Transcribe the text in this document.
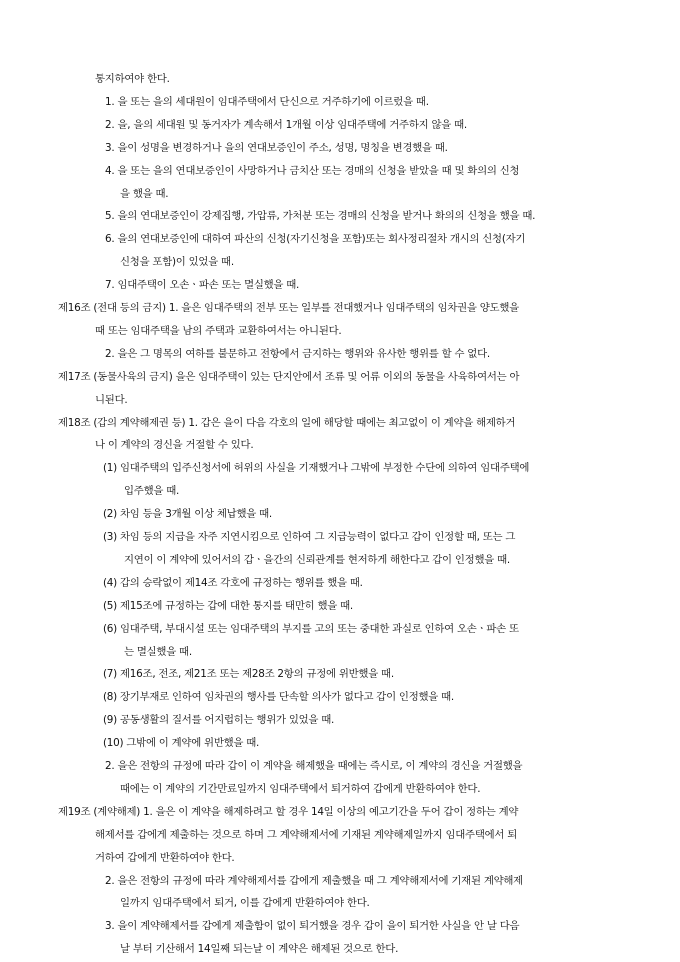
통지하여야 한다.
1. 을 또는 을의 세대원이 임대주택에서 단신으로 거주하기에 이르렀을 때.
2. 을, 을의 세대원 및 동거자가 계속해서 1개월 이상 임대주택에 거주하지 않을 때.
3. 을이 성명을 변경하거나 을의 연대보증인이 주소, 성명, 명칭을 변경했을 때.
4. 을 또는 을의 연대보증인이 사망하거나 금치산 또는 경매의 신청을 받았을 때 및 화의의 신청
을 했을 때.
5. 을의 연대보증인이 강제집행, 가압류, 가처분 또는 경매의 신청을 받거나 화의의 신청을 했을 때.
6. 을의 연대보증인에 대하여 파산의 신청(자기신청을 포함)또는 회사정리절차 개시의 신청(자기
신청을 포함)이 있었을 때.
7. 임대주택이 오손ㆍ파손 또는 멸실했을 때.
제16조 (전대 등의 금지) 1. 을은 임대주택의 전부 또는 일부를 전대했거나 임대주택의 임차권을 양도했을
때 또는 임대주택을 남의 주택과 교환하여서는 아니된다.
2. 을은 그 명목의 여하를 불문하고 전항에서 금지하는 행위와 유사한 행위를 할 수 없다.
제17조 (동물사육의 금지) 을은 임대주택이 있는 단지안에서 조류 및 어류 이외의 동물을 사육하여서는 아
니된다.
제18조 (갑의 계약해제권 등) 1. 갑은 을이 다음 각호의 일에 해당할 때에는 최고없이 이 계약을 해제하거
나 이 계약의 경신을 거절할 수 있다.
(1) 임대주택의 입주신청서에 허위의 사실을 기재했거나 그밖에 부정한 수단에 의하여 임대주택에
입주했을 때.
(2) 차임 등을 3개월 이상 체납했을 때.
(3) 차임 등의 지급을 자주 지연시킴으로 인하여 그 지급능력이 없다고 갑이 인정할 때, 또는 그
지연이 이 계약에 있어서의 갑ㆍ을간의 신뢰관계를 현저하게 해한다고 갑이 인정했을 때.
(4) 갑의 승락없이 제14조 각호에 규정하는 행위를 했을 때.
(5) 제15조에 규정하는 갑에 대한 통지를 태만히 했을 때.
(6) 임대주택, 부대시설 또는 임대주택의 부지를 고의 또는 중대한 과실로 인하여 오손ㆍ파손 또
는 멸실했을 때.
(7) 제16조, 전조, 제21조 또는 제28조 2항의 규정에 위반했을 때.
(8) 장기부재로 인하여 임차권의 행사를 단속할 의사가 없다고 갑이 인정했을 때.
(9) 공동생활의 질서를 어지럽히는 행위가 있었을 때.
(10) 그밖에 이 계약에 위반했을 때.
2. 을은 전항의 규정에 따라 갑이 이 계약을 해제했을 때에는 즉시로, 이 계약의 경신을 거절했을
때에는 이 계약의 기간만료일까지 임대주택에서 퇴거하여 갑에게 반환하여야 한다.
제19조 (계약해제) 1. 을은 이 계약을 해제하려고 할 경우 14일 이상의 예고기간을 두어 갑이 정하는 계약
해제서를 갑에게 제출하는 것으로 하며 그 계약해제서에 기재된 계약해제일까지 임대주택에서 퇴
거하여 갑에게 반환하여야 한다.
2. 을은 전항의 규정에 따라 계약해제서를 갑에게 제출했을 때 그 계약해제서에 기재된 계약해제
일까지 임대주택에서 퇴거, 이를 갑에게 반환하여야 한다.
3. 을이 계약해제서를 갑에게 제출함이 없이 퇴거했을 경우 갑이 을이 퇴거한 사실을 안 날 다음
날 부터 기산해서 14일째 되는날 이 계약은 해제된 것으로 한다.
